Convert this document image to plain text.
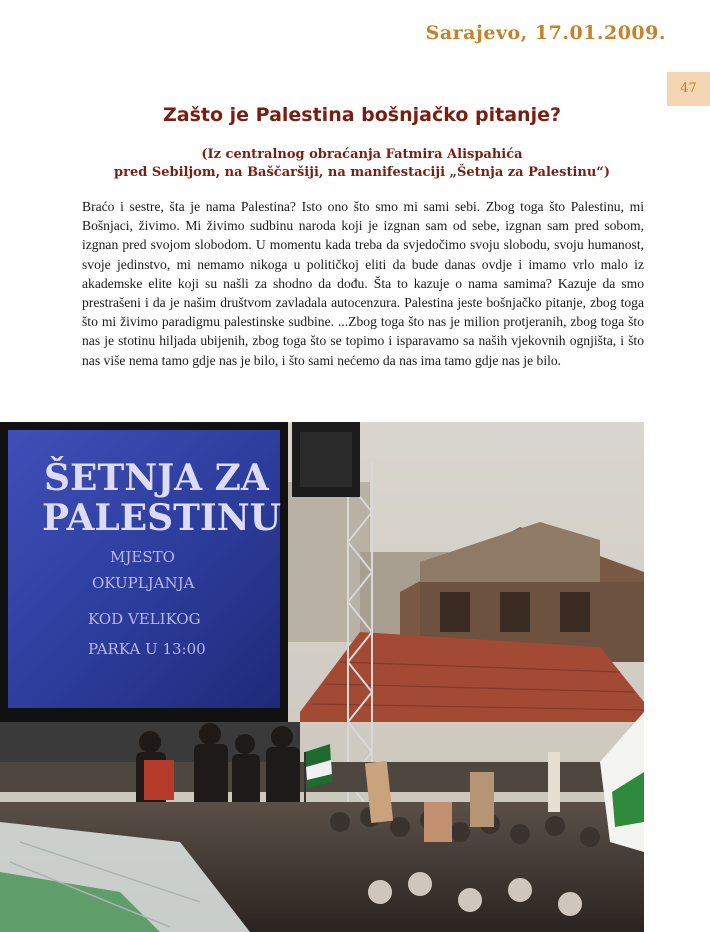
Sarajevo, 17.01.2009.
47
Zašto je Palestina bošnjačko pitanje?
(Iz centralnog obraćanja Fatmira Alispahića
pred Sebiljom, na Baščaršiji, na manifestaciji „Šetnja za Palestinu“)

Braćo i sestre, šta je nama Palestina? Isto ono što smo mi sami sebi. Zbog toga što Palestinu, mi Bošnjaci, živimo. Mi živimo sudbinu naroda koji je izgnan sam od sebe, izgnan sam pred sobom, izgnan pred svojom slobodom. U momentu kada treba da svjedočimo svoju slobodu, svoju humanost, svoje jedinstvo, mi nemamo nikoga u političkoj eliti da bude danas ovdje i imamo vrlo malo iz akademske elite koji su našli za shodno da dođu. Šta to kazuje o nama samima? Kazuje da smo prestrašeni i da je našim društvom zavladala autocenzura. Palestina jeste bošnjačko pitanje, zbog toga što mi živimo paradigmu palestinske sudbine. ...Zbog toga što nas je milion protjeranih, zbog toga što nas je stotinu hiljada ubijenih, zbog toga što se topimo i isparavamo sa naših vjekovnih ognjišta, i što nas više nema tamo gdje nas je bilo, i što sami nećemo da nas ima tamo gdje nas je bilo.

ŠETNJA ZA
PALESTINU
MJESTO
OKUPLJANJA
KOD VELIKOG
PARKA U 13:00
